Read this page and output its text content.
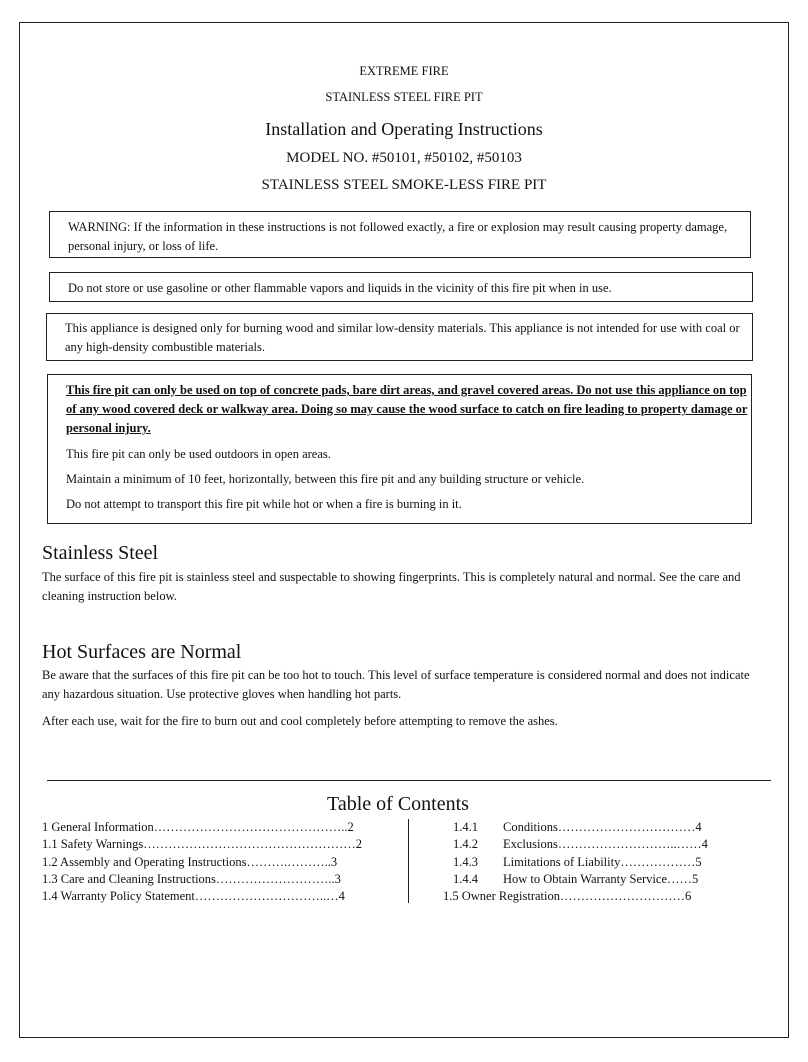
EXTREME FIRE
STAINLESS STEEL FIRE PIT
Installation and Operating Instructions
MODEL NO. #50101, #50102, #50103
STAINLESS STEEL SMOKE-LESS FIRE PIT

WARNING: If the information in these instructions is not followed exactly, a fire or explosion may result causing property damage, personal injury, or loss of life.

Do not store or use gasoline or other flammable vapors and liquids in the vicinity of this fire pit when in use.

This appliance is designed only for burning wood and similar low-density materials. This appliance is not intended for use with coal or any high-density combustible materials.

This fire pit can only be used on top of concrete pads, bare dirt areas, and gravel covered areas. Do not use this appliance on top of any wood covered deck or walkway area. Doing so may cause the wood surface to catch on fire leading to property damage or personal injury.

This fire pit can only be used outdoors in open areas.

Maintain a minimum of 10 feet, horizontally, between this fire pit and any building structure or vehicle.

Do not attempt to transport this fire pit while hot or when a fire is burning in it.

Stainless Steel

The surface of this fire pit is stainless steel and suspectable to showing fingerprints. This is completely natural and normal. See the care and cleaning instruction below.

Hot Surfaces are Normal

Be aware that the surfaces of this fire pit can be too hot to touch. This level of surface temperature is considered normal and does not indicate any hazardous situation. Use protective gloves when handling hot parts.

After each use, wait for the fire to burn out and cool completely before attempting to remove the ashes.

Table of Contents
1 General Information………………………………………..2
1.1 Safety Warnings……………………………………………2
1.2 Assembly and Operating Instructions……….………..3
1.3 Care and Cleaning Instructions………………………..3
1.4 Warranty Policy Statement…………………………..…4
1.4.1 Conditions……………………………4
1.4.2 Exclusions………………………..……4
1.4.3 Limitations of Liability………………5
1.4.4 How to Obtain Warranty Service……5
1.5 Owner Registration…………………………6
